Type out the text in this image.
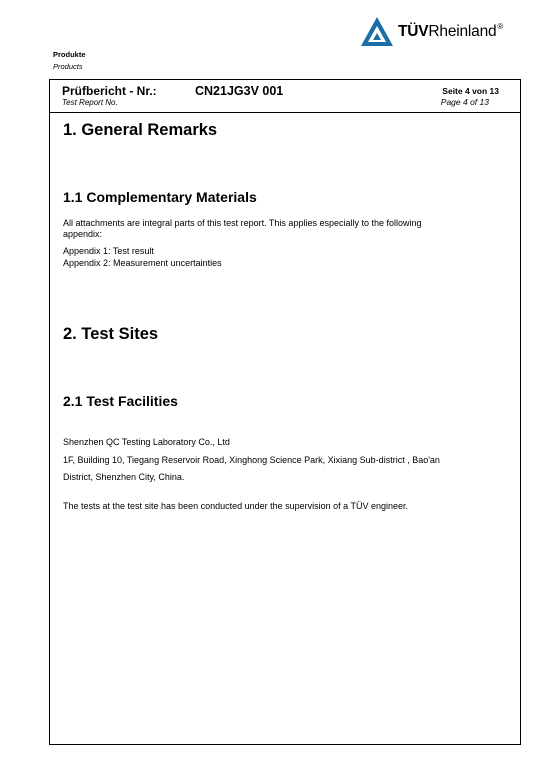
TÜVRheinland®
Produkte
Products
Prüfbericht - Nr.:
Test Report No.
CN21JG3V 001	Seite 4 von 13
Page 4 of 13
1. General Remarks
1.1 Complementary Materials
All attachments are integral parts of this test report. This applies especially to the following
appendix:
Appendix 1: Test result
Appendix 2: Measurement uncertainties
2. Test Sites
2.1 Test Facilities
Shenzhen QC Testing Laboratory Co., Ltd
1F, Building 10, Tiegang Reservoir Road, Xinghong Science Park, Xixiang Sub-district , Bao'an
District, Shenzhen City, China.
The tests at the test site has been conducted under the supervision of a TÜV engineer.
